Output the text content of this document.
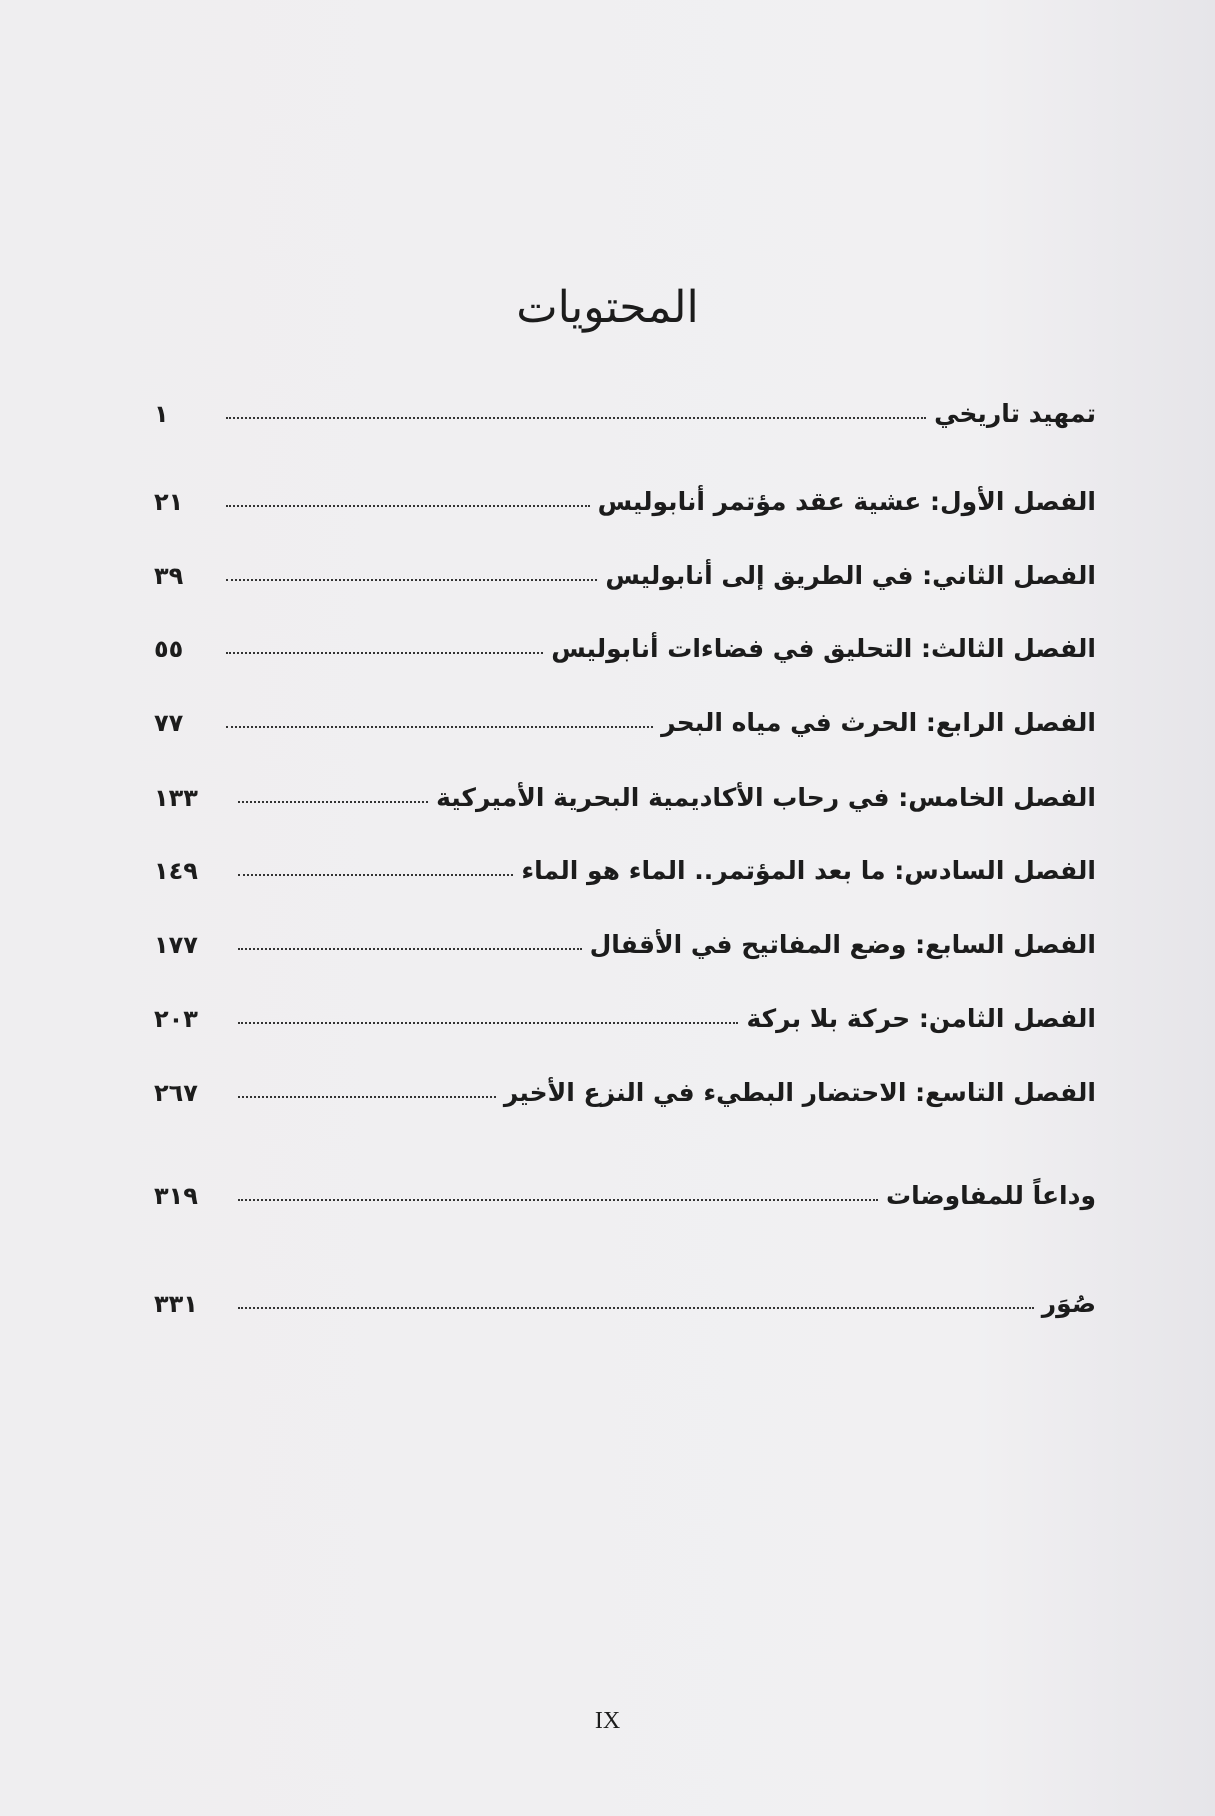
المحتويات
تمهيد تاريخي
١
الفصل الأول: عشية عقد مؤتمر أنابوليس
٢١
الفصل الثاني: في الطريق إلى أنابوليس
٣٩
الفصل الثالث: التحليق في فضاءات أنابوليس
٥٥
الفصل الرابع: الحرث في مياه البحر
٧٧
الفصل الخامس: في رحاب الأكاديمية البحرية الأميركية
١٣٣
الفصل السادس: ما بعد المؤتمر.. الماء هو الماء
١٤٩
الفصل السابع: وضع المفاتيح في الأقفال
١٧٧
الفصل الثامن: حركة بلا بركة
٢٠٣
الفصل التاسع: الاحتضار البطيء في النزع الأخير
٢٦٧
وداعاً للمفاوضات
٣١٩
صُوَر
٣٣١
IX
